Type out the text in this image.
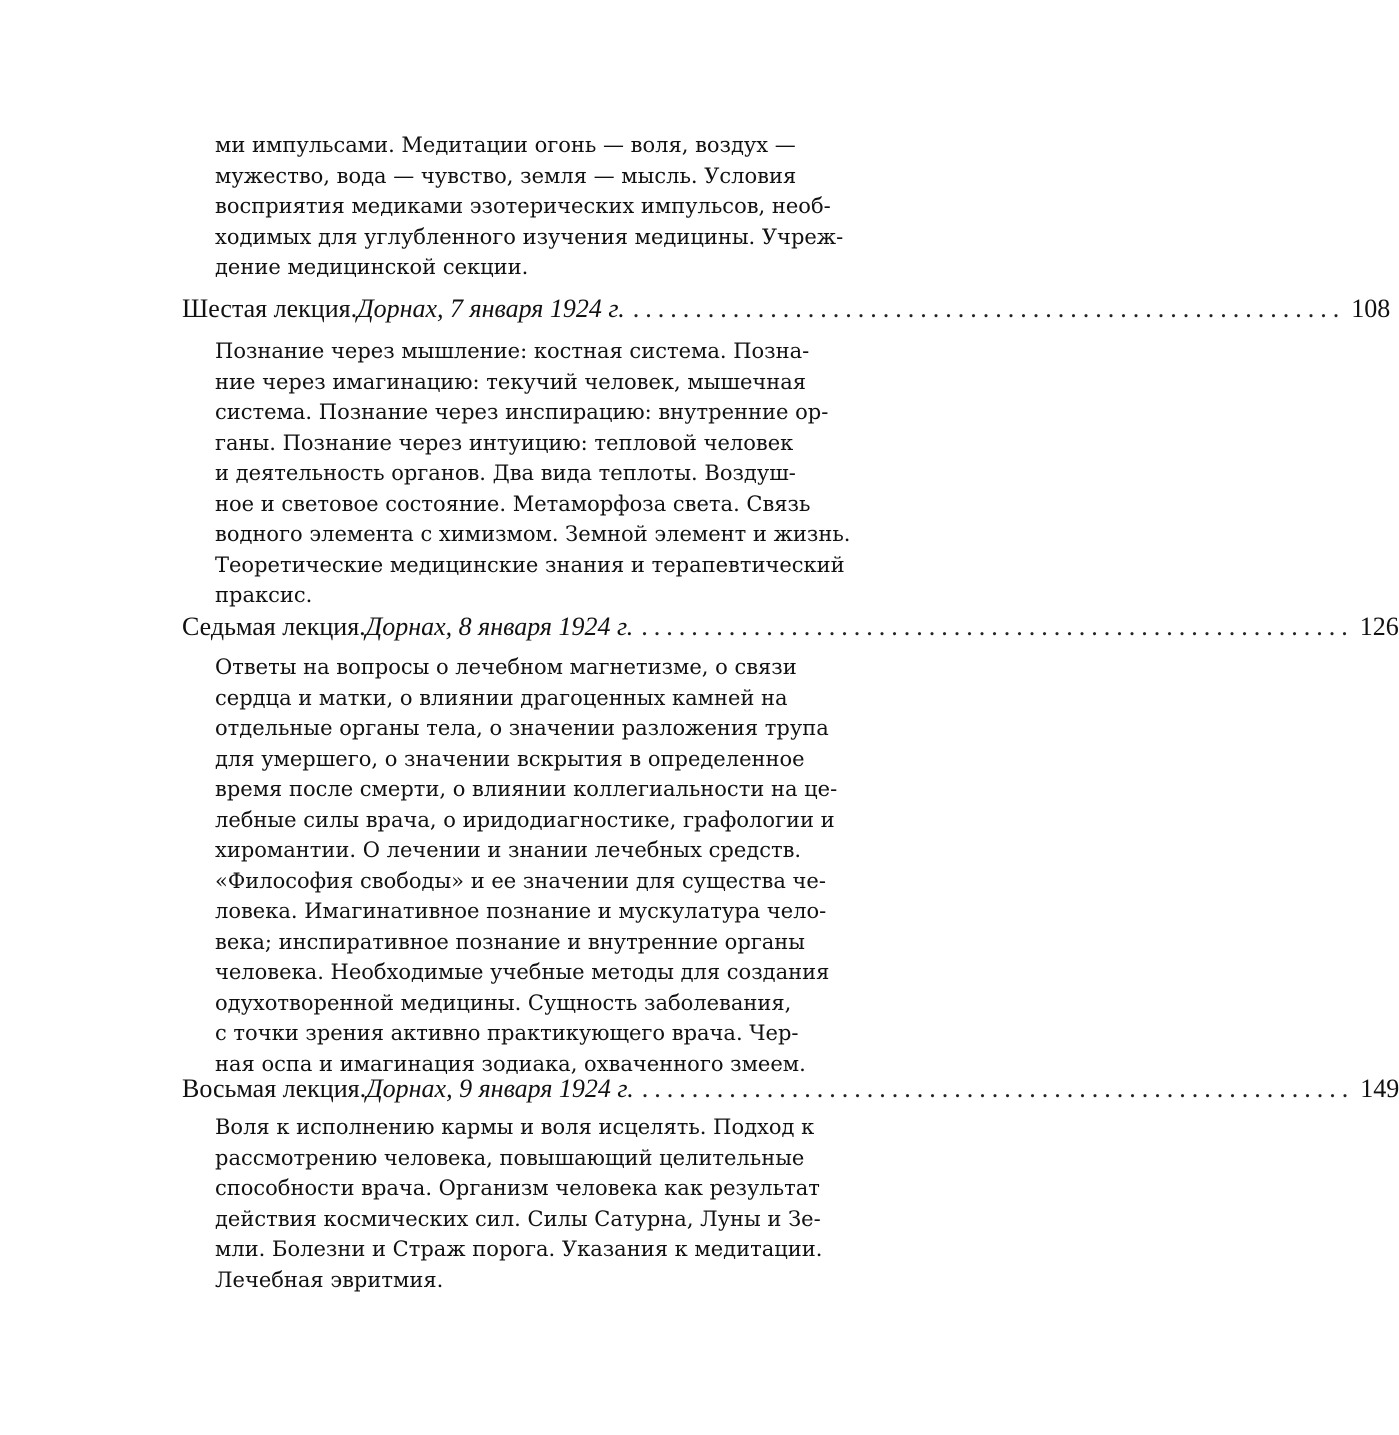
ми импульсами. Медитации огонь — воля, воздух —
мужество, вода — чувство, земля — мысль. Условия
восприятия медиками эзотерических импульсов, необ-
ходимых для углубленного изучения медицины. Учреж-
дение медицинской секции.

Шестая лекция. Дорнах, 7 января 1924 г. ......................................................... 108

Познание через мышление: костная система. Позна-
ние через имагинацию: текучий человек, мышечная
система. Познание через инспирацию: внутренние ор-
ганы. Познание через интуицию: тепловой человек
и деятельность органов. Два вида теплоты. Воздуш-
ное и световое состояние. Метаморфоза света. Связь
водного элемента с химизмом. Земной элемент и жизнь.
Теоретические медицинские знания и терапевтический
праксис.

Седьмая лекция. Дорнах, 8 января 1924 г. ......................................................... 126

Ответы на вопросы о лечебном магнетизме, о связи
сердца и матки, о влиянии драгоценных камней на
отдельные органы тела, о значении разложения трупа
для умершего, о значении вскрытия в определенное
время после смерти, о влиянии коллегиальности на це-
лебные силы врача, о иридодиагностике, графологии и
хиромантии. О лечении и знании лечебных средств.
«Философия свободы» и ее значении для существа че-
ловека. Имагинативное познание и мускулатура чело-
века; инспиративное познание и внутренние органы
человека. Необходимые учебные методы для создания
одухотворенной медицины. Сущность заболевания,
с точки зрения активно практикующего врача. Чер-
ная оспа и имагинация зодиака, охваченного змеем.

Восьмая лекция. Дорнах, 9 января 1924 г. ......................................................... 149

Воля к исполнению кармы и воля исцелять. Подход к
рассмотрению человека, повышающий целительные
способности врача. Организм человека как результат
действия космических сил. Силы Сатурна, Луны и Зе-
мли. Болезни и Страж порога. Указания к медитации.
Лечебная эвритмия.
